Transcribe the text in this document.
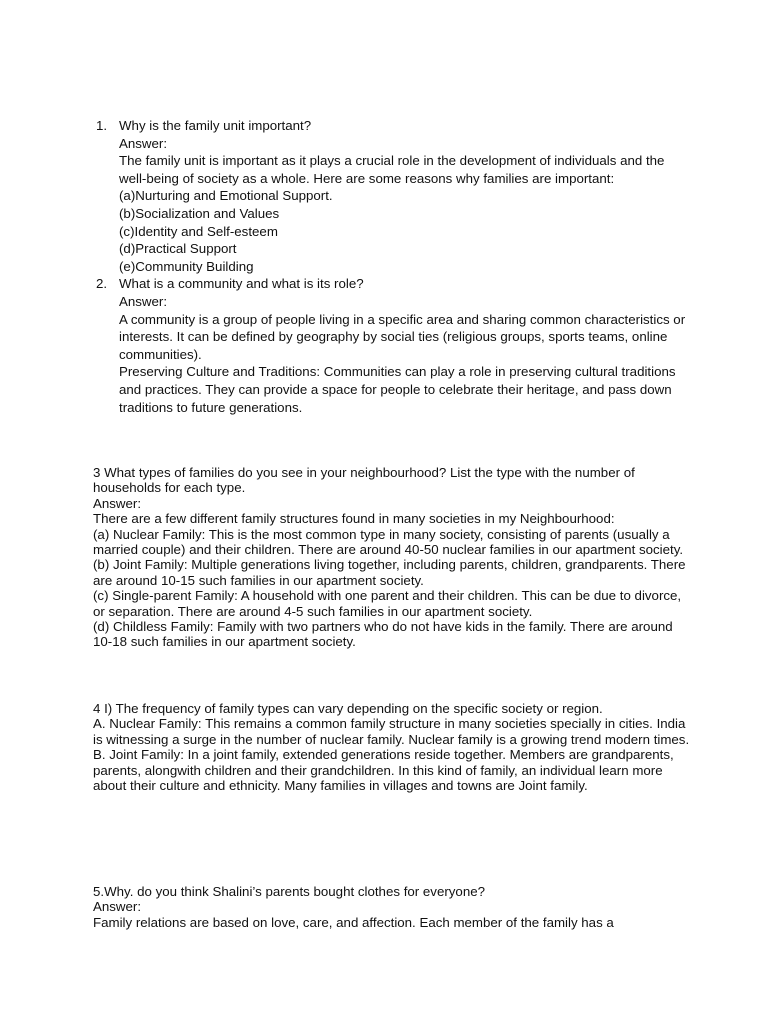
1. Why is the family unit important?

Answer:

The family unit is important as it plays a crucial role in the development of individuals and the well-being of society as a whole. Here are some reasons why families are important:

(a)Nurturing and Emotional Support.

(b)Socialization and Values

(c)Identity and Self-esteem

(d)Practical Support

(e)Community Building

2. What is a community and what is its role?

Answer:

A community is a group of people living in a specific area and sharing common characteristics or interests. It can be defined by geography by social ties (religious groups, sports teams, online communities).

Preserving Culture and Traditions: Communities can play a role in preserving cultural traditions and practices. They can provide a space for people to celebrate their heritage, and pass down traditions to future generations.

3 What types of families do you see in your neighbourhood? List the type with the number of households for each type.

Answer:

There are a few different family structures found in many societies in my Neighbourhood:

(a) Nuclear Family: This is the most common type in many society, consisting of parents (usually a married couple) and their children. There are around 40-50 nuclear families in our apartment society.

(b) Joint Family: Multiple generations living together, including parents, children, grandparents. There are around 10-15 such families in our apartment society.

(c) Single-parent Family: A household with one parent and their children. This can be due to divorce, or separation. There are around 4-5 such families in our apartment society.

(d) Childless Family: Family with two partners who do not have kids in the family. There are around 10-18 such families in our apartment society.

4 I) The frequency of family types can vary depending on the specific society or region.

A. Nuclear Family: This remains a common family structure in many societies specially in cities. India is witnessing a surge in the number of nuclear family. Nuclear family is a growing trend modern times.

B. Joint Family: In a joint family, extended generations reside together. Members are grandparents, parents, alongwith children and their grandchildren. In this kind of family, an individual learn more about their culture and ethnicity. Many families in villages and towns are Joint family.

5.Why. do you think Shalini’s parents bought clothes for everyone?

Answer:

Family relations are based on love, care, and affection. Each member of the family has a
